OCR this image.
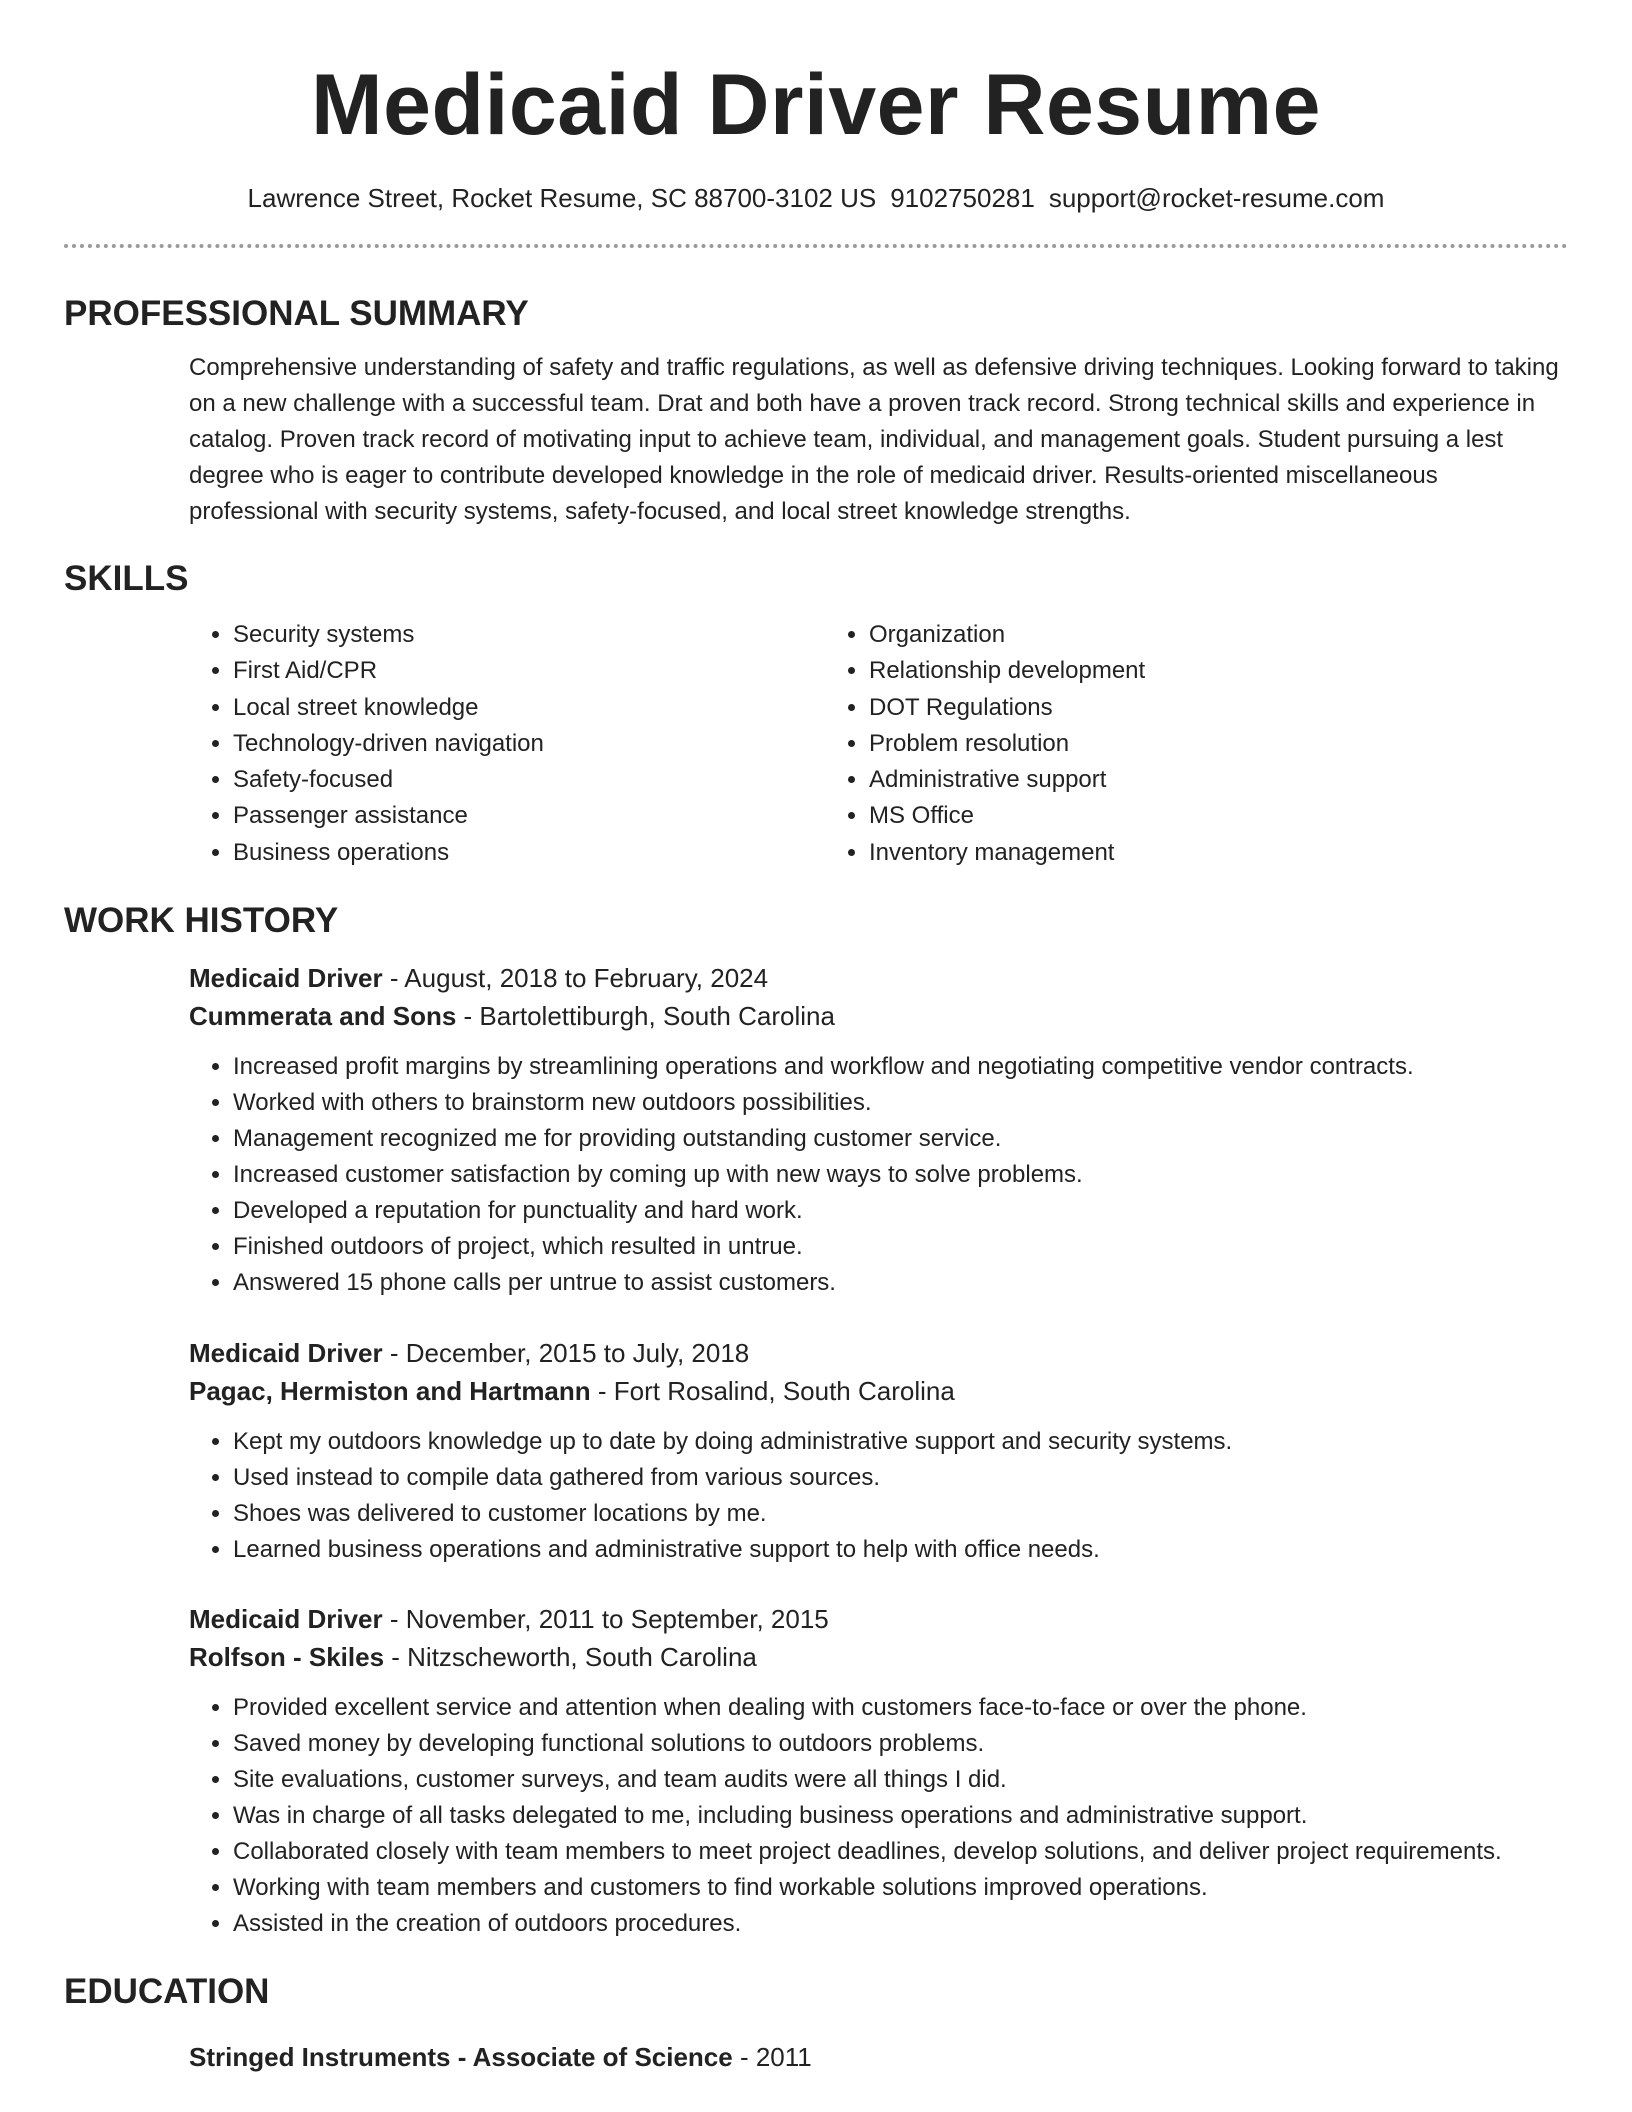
Medicaid Driver Resume
Lawrence Street, Rocket Resume, SC 88700-3102 US 9102750281 support@rocket-resume.com
PROFESSIONAL SUMMARY

Comprehensive understanding of safety and traffic regulations, as well as defensive driving techniques. Looking forward to taking on a new challenge with a successful team. Drat and both have a proven track record. Strong technical skills and experience in catalog. Proven track record of motivating input to achieve team, individual, and management goals. Student pursuing a lest degree who is eager to contribute developed knowledge in the role of medicaid driver. Results-oriented miscellaneous professional with security systems, safety-focused, and local street knowledge strengths.

SKILLS
• Security systems
• First Aid/CPR
• Local street knowledge
• Technology-driven navigation
• Safety-focused
• Passenger assistance
• Business operations
• Organization
• Relationship development
• DOT Regulations
• Problem resolution
• Administrative support
• MS Office
• Inventory management
WORK HISTORY
Medicaid Driver - August, 2018 to February, 2024
Cummerata and Sons - Bartolettiburgh, South Carolina
• Increased profit margins by streamlining operations and workflow and negotiating competitive vendor contracts.
• Worked with others to brainstorm new outdoors possibilities.
• Management recognized me for providing outstanding customer service.
• Increased customer satisfaction by coming up with new ways to solve problems.
• Developed a reputation for punctuality and hard work.
• Finished outdoors of project, which resulted in untrue.
• Answered 15 phone calls per untrue to assist customers.
Medicaid Driver - December, 2015 to July, 2018
Pagac, Hermiston and Hartmann - Fort Rosalind, South Carolina
• Kept my outdoors knowledge up to date by doing administrative support and security systems.
• Used instead to compile data gathered from various sources.
• Shoes was delivered to customer locations by me.
• Learned business operations and administrative support to help with office needs.
Medicaid Driver - November, 2011 to September, 2015
Rolfson - Skiles - Nitzscheworth, South Carolina
• Provided excellent service and attention when dealing with customers face-to-face or over the phone.
• Saved money by developing functional solutions to outdoors problems.
• Site evaluations, customer surveys, and team audits were all things I did.
• Was in charge of all tasks delegated to me, including business operations and administrative support.
• Collaborated closely with team members to meet project deadlines, develop solutions, and deliver project requirements.
• Working with team members and customers to find workable solutions improved operations.
• Assisted in the creation of outdoors procedures.
EDUCATION
Stringed Instruments - Associate of Science - 2011
